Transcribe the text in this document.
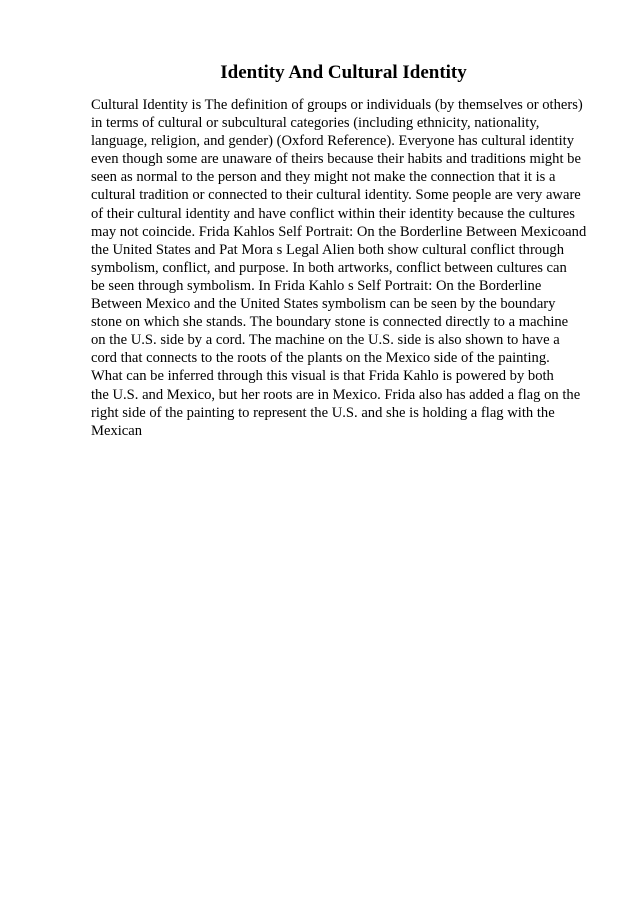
Identity And Cultural Identity
Cultural Identity is The definition of groups or individuals (by themselves or others)
in terms of cultural or subcultural categories (including ethnicity, nationality,
language, religion, and gender) (Oxford Reference). Everyone has cultural identity
even though some are unaware of theirs because their habits and traditions might be
seen as normal to the person and they might not make the connection that it is a
cultural tradition or connected to their cultural identity. Some people are very aware
of their cultural identity and have conflict within their identity because the cultures
may not coincide. Frida Kahlos Self Portrait: On the Borderline Between Mexicoand
the United States and Pat Mora s Legal Alien both show cultural conflict through
symbolism, conflict, and purpose. In both artworks, conflict between cultures can
be seen through symbolism. In Frida Kahlo s Self Portrait: On the Borderline
Between Mexico and the United States symbolism can be seen by the boundary
stone on which she stands. The boundary stone is connected directly to a machine
on the U.S. side by a cord. The machine on the U.S. side is also shown to have a
cord that connects to the roots of the plants on the Mexico side of the painting.
What can be inferred through this visual is that Frida Kahlo is powered by both
the U.S. and Mexico, but her roots are in Mexico. Frida also has added a flag on the
right side of the painting to represent the U.S. and she is holding a flag with the
Mexican
